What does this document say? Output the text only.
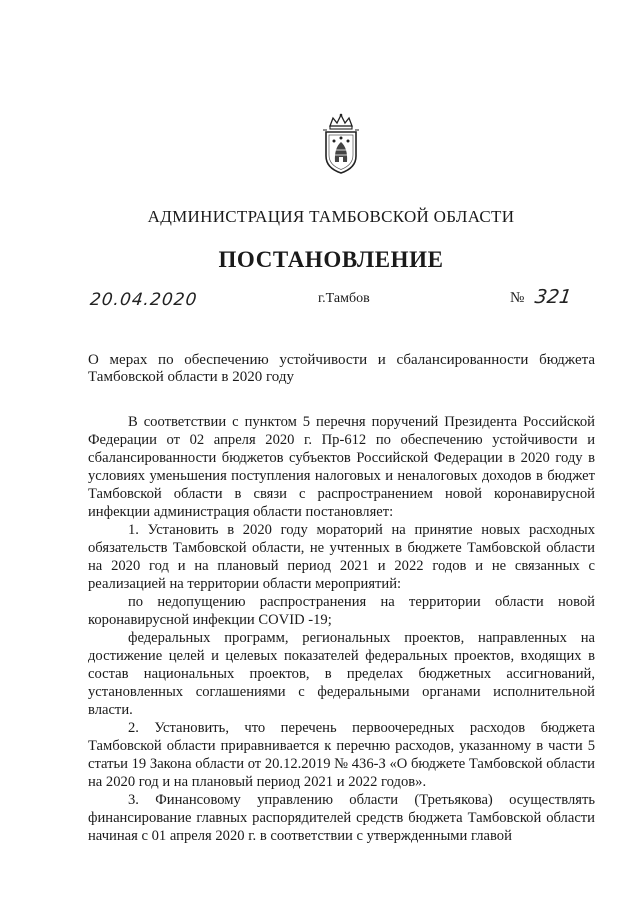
АДМИНИСТРАЦИЯ ТАМБОВСКОЙ ОБЛАСТИ
ПОСТАНОВЛЕНИЕ
20.04.2020	г.Тамбов	№ 321
О мерах по обеспечению устойчивости и сбалансированности бюджета Тамбовской области в 2020 году

В соответствии с пунктом 5 перечня поручений Президента Российской Федерации от 02 апреля 2020 г. Пр-612 по обеспечению устойчивости и сбалансированности бюджетов субъектов Российской Федерации в 2020 году в условиях уменьшения поступления налоговых и неналоговых доходов в бюджет Тамбовской области в связи с распространением новой коронавирусной инфекции администрация области постановляет:

1. Установить в 2020 году мораторий на принятие новых расходных обязательств Тамбовской области, не учтенных в бюджете Тамбовской области на 2020 год и на плановый период 2021 и 2022 годов и не связанных с реализацией на территории области мероприятий:

по недопущению распространения на территории области новой коронавирусной инфекции COVID -19;

федеральных программ, региональных проектов, направленных на достижение целей и целевых показателей федеральных проектов, входящих в состав национальных проектов, в пределах бюджетных ассигнований, установленных соглашениями с федеральными органами исполнительной власти.

2. Установить, что перечень первоочередных расходов бюджета Тамбовской области приравнивается к перечню расходов, указанному в части 5 статьи 19 Закона области от 20.12.2019 № 436-З «О бюджете Тамбовской области на 2020 год и на плановый период 2021 и 2022 годов».

3. Финансовому управлению области (Третьякова) осуществлять финансирование главных распорядителей средств бюджета Тамбовской области начиная с 01 апреля 2020 г. в соответствии с утвержденными главой
